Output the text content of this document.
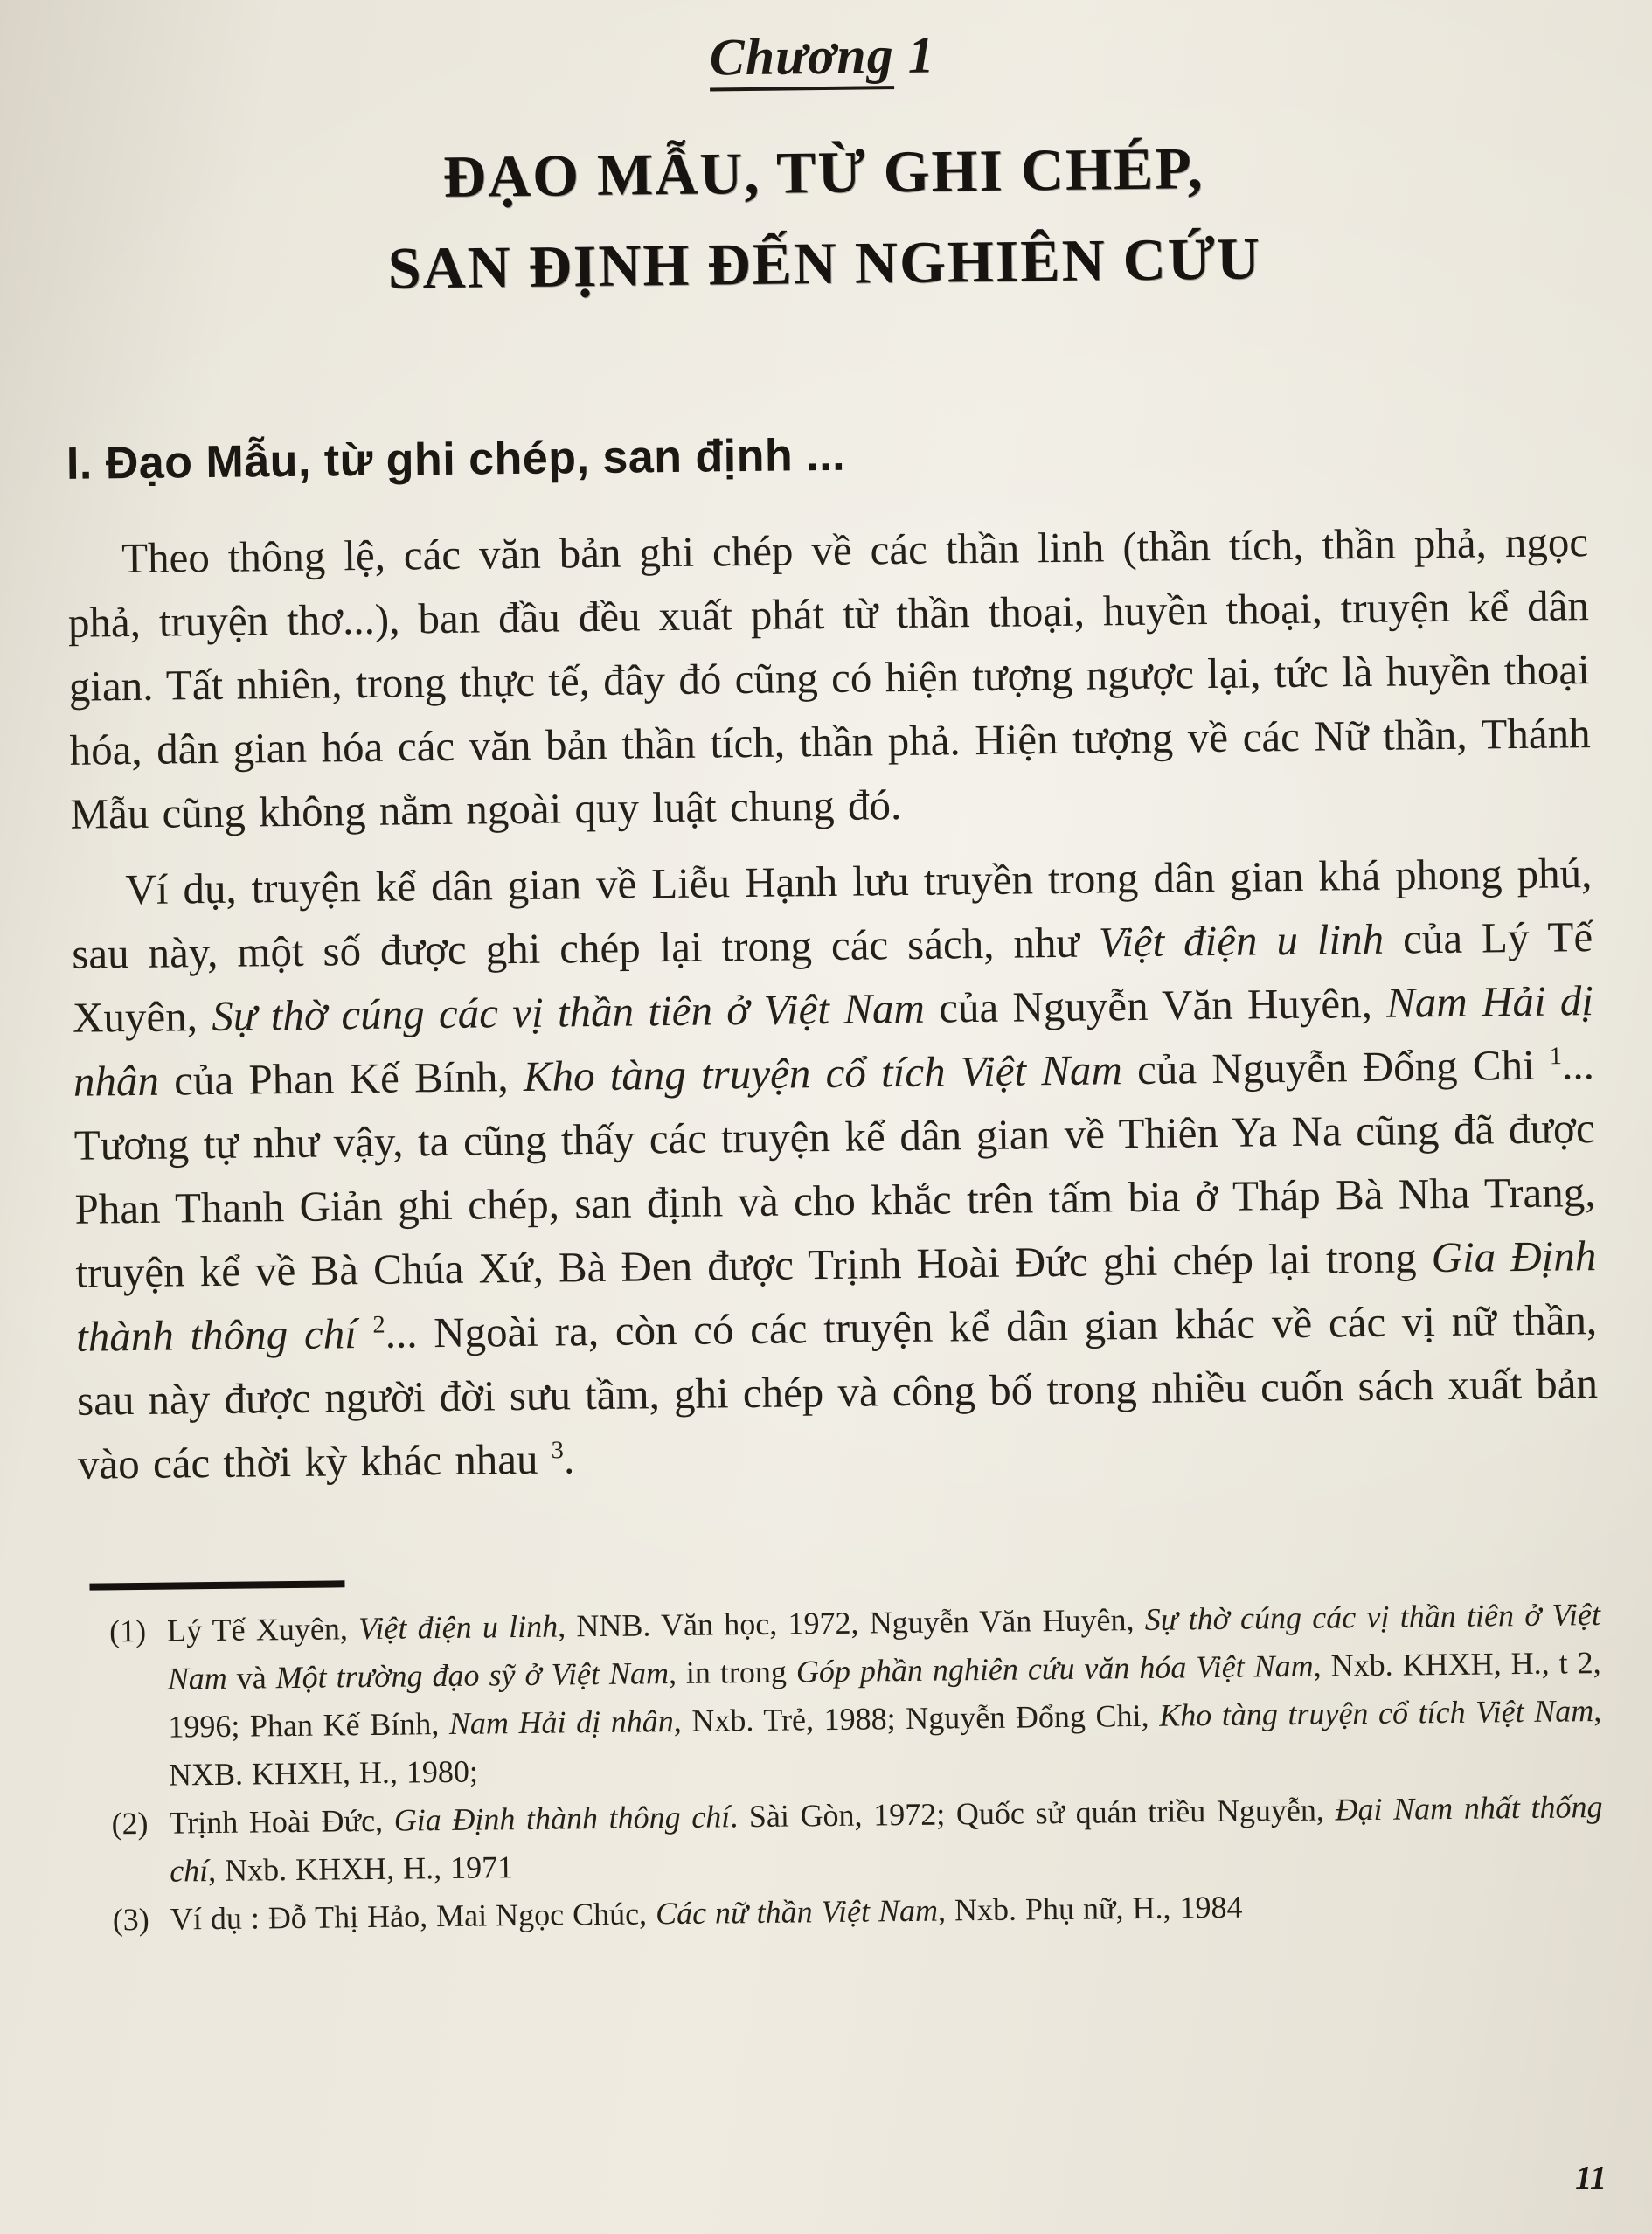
Chương 1
ĐẠO MẪU, TỪ GHI CHÉP,
SAN ĐỊNH ĐẾN NGHIÊN CỨU
I. Đạo Mẫu, từ ghi chép, san định ...

Theo thông lệ, các văn bản ghi chép về các thần linh (thần tích, thần phả, ngọc phả, truyện thơ...), ban đầu đều xuất phát từ thần thoại, huyền thoại, truyện kể dân gian. Tất nhiên, trong thực tế, đây đó cũng có hiện tượng ngược lại, tức là huyền thoại hóa, dân gian hóa các văn bản thần tích, thần phả. Hiện tượng về các Nữ thần, Thánh Mẫu cũng không nằm ngoài quy luật chung đó.

Ví dụ, truyện kể dân gian về Liễu Hạnh lưu truyền trong dân gian khá phong phú, sau này, một số được ghi chép lại trong các sách, như Việt điện u linh của Lý Tế Xuyên, Sự thờ cúng các vị thần tiên ở Việt Nam của Nguyễn Văn Huyên, Nam Hải dị nhân của Phan Kế Bính, Kho tàng truyện cổ tích Việt Nam của Nguyễn Đổng Chi $^1$... Tương tự như vậy, ta cũng thấy các truyện kể dân gian về Thiên Ya Na cũng đã được Phan Thanh Giản ghi chép, san định và cho khắc trên tấm bia ở Tháp Bà Nha Trang, truyện kể về Bà Chúa Xứ, Bà Đen được Trịnh Hoài Đức ghi chép lại trong Gia Định thành thông chí $^2$... Ngoài ra, còn có các truyện kể dân gian khác về các vị nữ thần, sau này được người đời sưu tầm, ghi chép và công bố trong nhiều cuốn sách xuất bản vào các thời kỳ khác nhau $^3$.

(1) Lý Tế Xuyên, Việt điện u linh, NNB. Văn học, 1972, Nguyễn Văn Huyên, Sự thờ cúng các vị thần tiên ở Việt Nam và Một trường đạo sỹ ở Việt Nam, in trong Góp phần nghiên cứu văn hóa Việt Nam, Nxb. KHXH, H., t 2, 1996; Phan Kế Bính, Nam Hải dị nhân, Nxb. Trẻ, 1988; Nguyễn Đổng Chi, Kho tàng truyện cổ tích Việt Nam, NXB. KHXH, H., 1980;
(2) Trịnh Hoài Đức, Gia Định thành thông chí. Sài Gòn, 1972; Quốc sử quán triều Nguyễn, Đại Nam nhất thống chí, Nxb. KHXH, H., 1971
(3) Ví dụ : Đỗ Thị Hảo, Mai Ngọc Chúc, Các nữ thần Việt Nam, Nxb. Phụ nữ, H., 1984
11
